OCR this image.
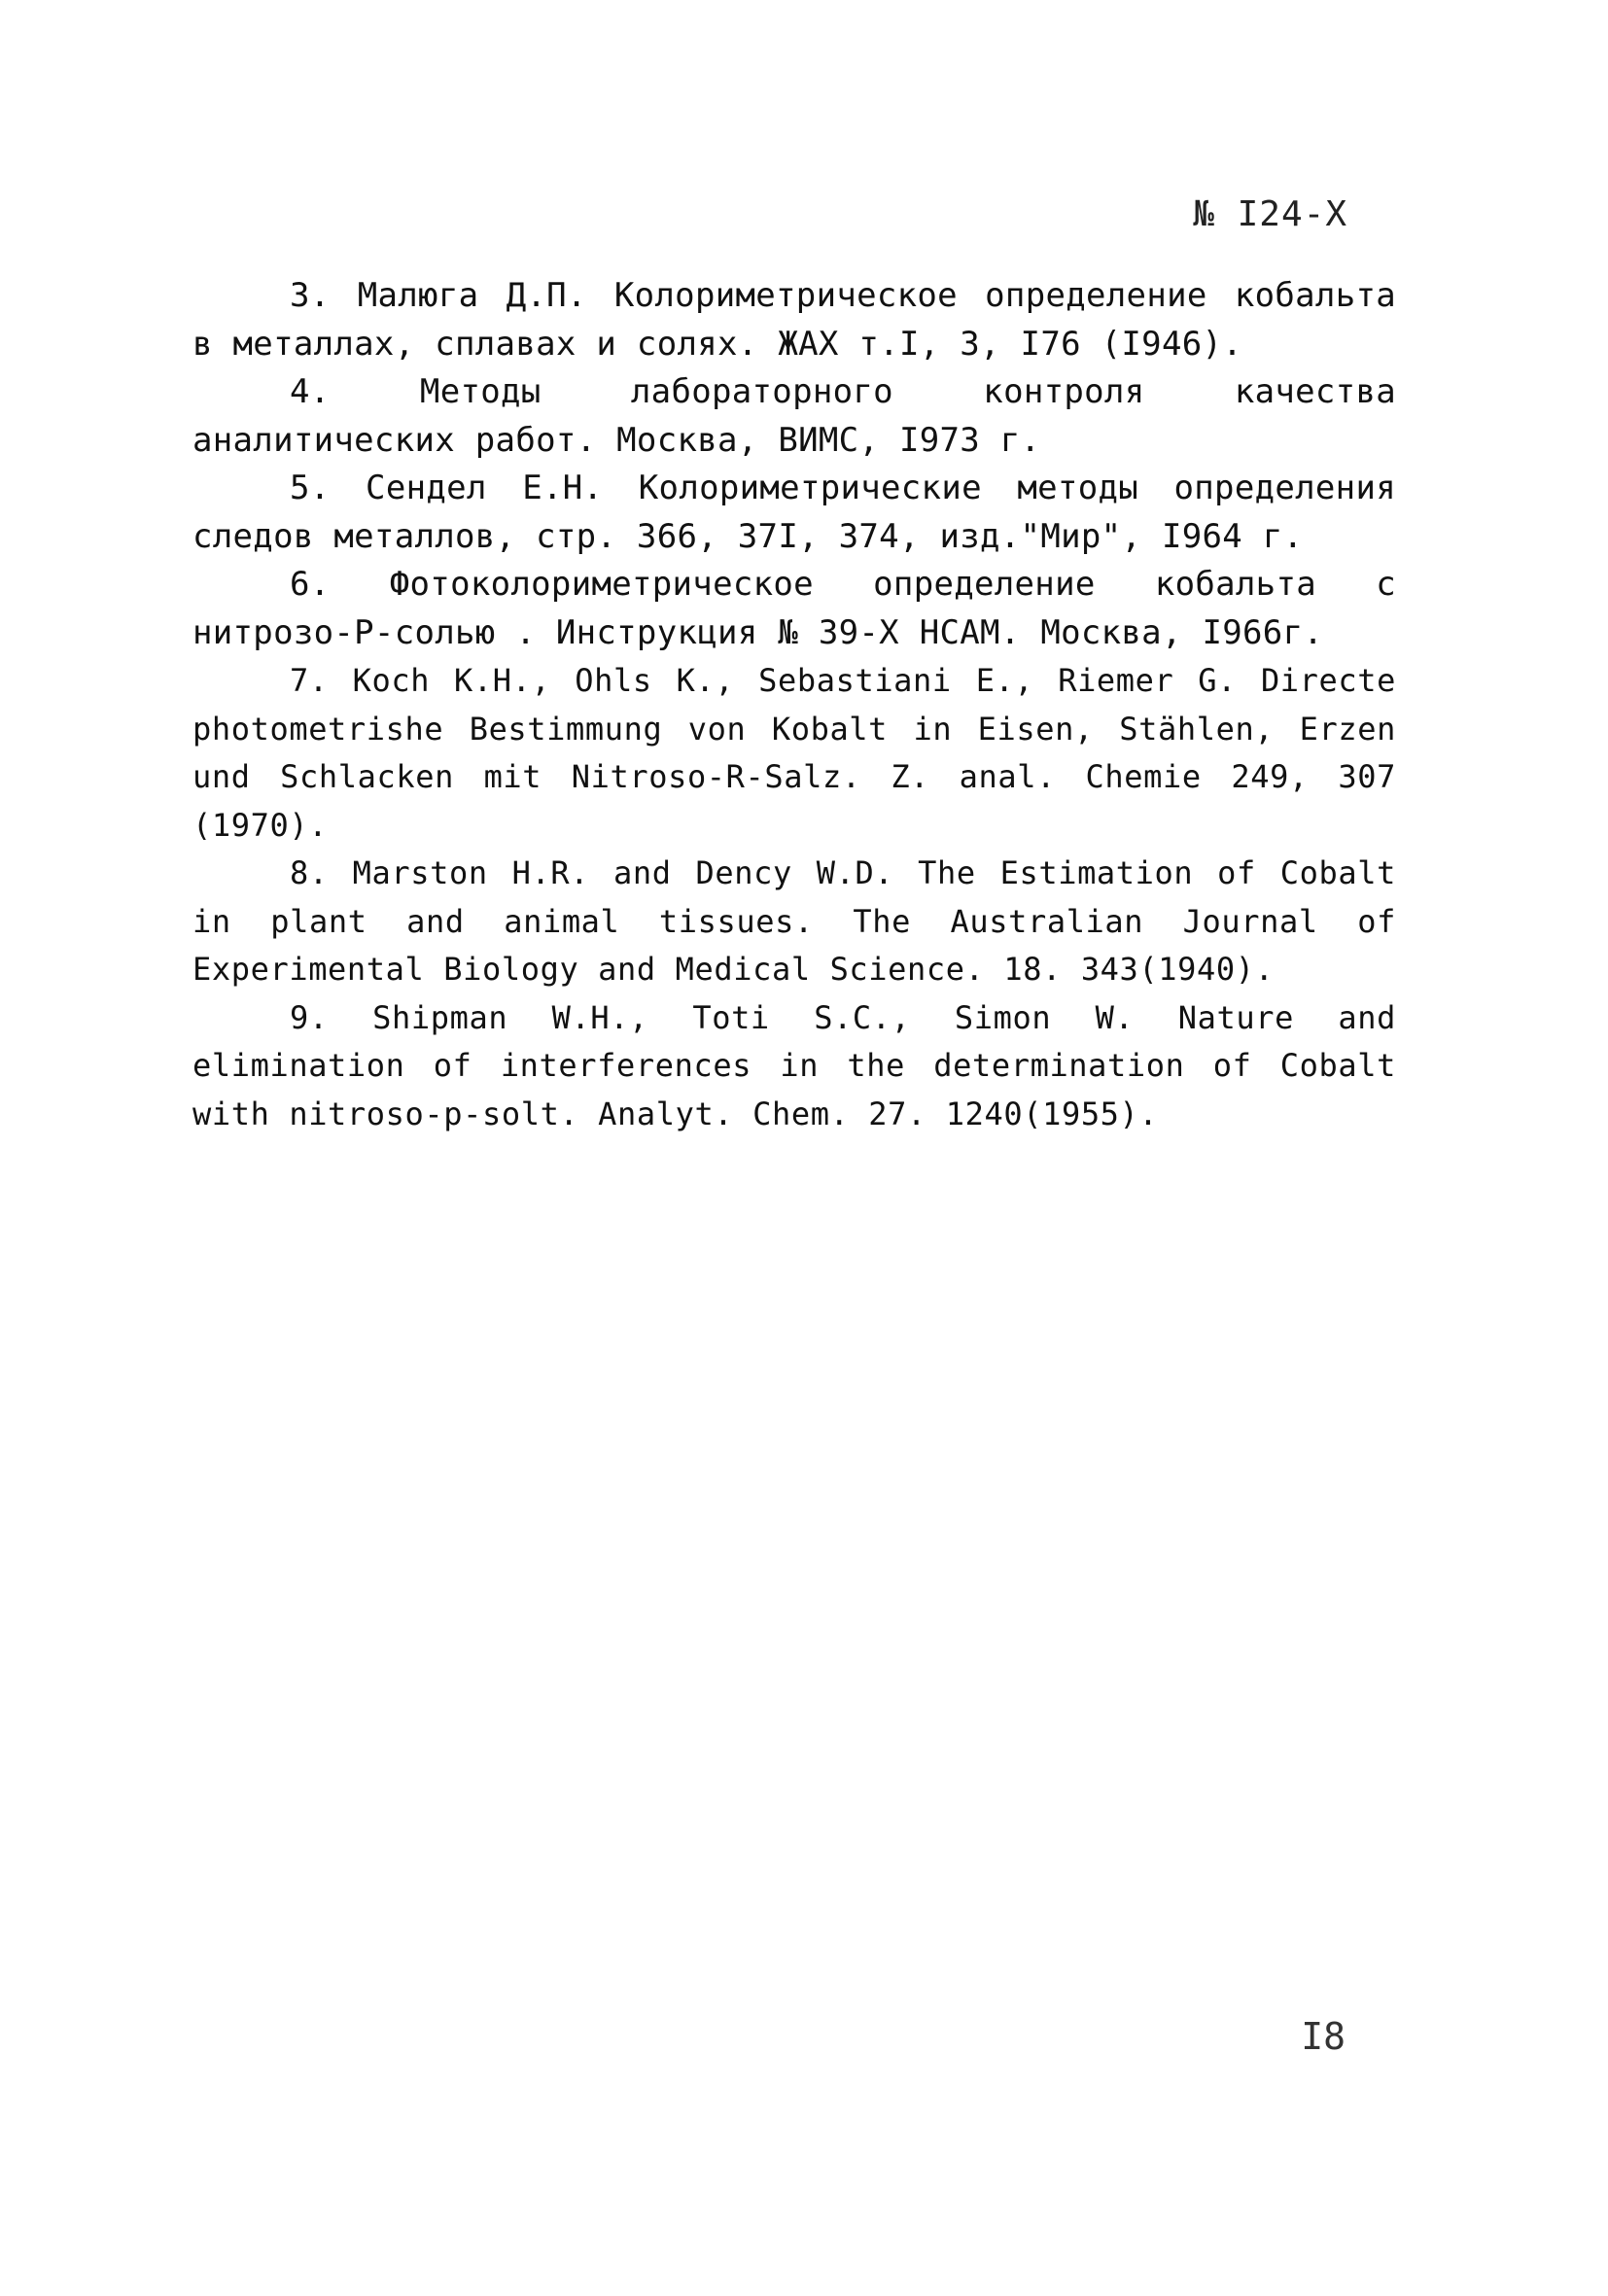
№ I24-X

3. Малюга Д.П. Колориметрическое определение кобальта в металлах, сплавах и солях. ЖАХ т.I, 3, I76 (I946).

4. Методы лабораторного контроля качества аналитических работ. Москва, ВИМС, I973 г.

5. Сендел Е.Н. Колориметрические методы определения следов металлов, стр. 366, 37I, 374, изд."Мир", I964 г.

6. Фотоколориметрическое определение кобальта с нитрозо-Р-солью . Инструкция № 39-Х НСАМ. Москва, I966г.

7. Koch K.H., Ohls K., Sebastiani E., Riemer G. Directe photometrishe Bestimmung von Kobalt in Eisen, Stählen, Erzen und Schlacken mit Nitroso-R-Salz. Z. anal. Chemie 249, 307 (1970).

8. Marston H.R. and Dency W.D. The Estimation of Cobalt in plant and animal tissues. The Australian Journal of Experimental Biology and Medical Science. 18. 343(1940).

9. Shipman W.H., Toti S.C., Simon W. Nature and elimination of interferences in the determination of Cobalt with nitroso-p-solt. Analyt. Chem. 27. 1240(1955).

I8
